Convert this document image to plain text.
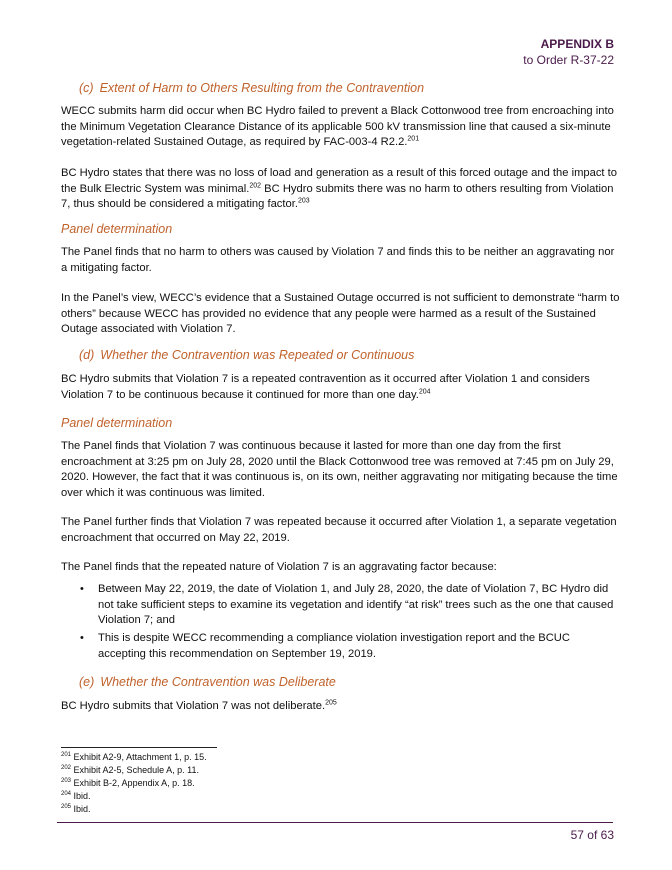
APPENDIX B
to Order R-37-22
(c) Extent of Harm to Others Resulting from the Contravention
WECC submits harm did occur when BC Hydro failed to prevent a Black Cottonwood tree from encroaching into the Minimum Vegetation Clearance Distance of its applicable 500 kV transmission line that caused a six-minute vegetation-related Sustained Outage, as required by FAC-003-4 R2.2.$^{201}$
BC Hydro states that there was no loss of load and generation as a result of this forced outage and the impact to the Bulk Electric System was minimal.$^{202}$ BC Hydro submits there was no harm to others resulting from Violation 7, thus should be considered a mitigating factor.$^{203}$
Panel determination
The Panel finds that no harm to others was caused by Violation 7 and finds this to be neither an aggravating nor a mitigating factor.
In the Panel’s view, WECC’s evidence that a Sustained Outage occurred is not sufficient to demonstrate “harm to others” because WECC has provided no evidence that any people were harmed as a result of the Sustained Outage associated with Violation 7.
(d) Whether the Contravention was Repeated or Continuous
BC Hydro submits that Violation 7 is a repeated contravention as it occurred after Violation 1 and considers Violation 7 to be continuous because it continued for more than one day.$^{204}$
Panel determination
The Panel finds that Violation 7 was continuous because it lasted for more than one day from the first encroachment at 3:25 pm on July 28, 2020 until the Black Cottonwood tree was removed at 7:45 pm on July 29, 2020. However, the fact that it was continuous is, on its own, neither aggravating nor mitigating because the time over which it was continuous was limited.
The Panel further finds that Violation 7 was repeated because it occurred after Violation 1, a separate vegetation encroachment that occurred on May 22, 2019.
The Panel finds that the repeated nature of Violation 7 is an aggravating factor because:
• Between May 22, 2019, the date of Violation 1, and July 28, 2020, the date of Violation 7, BC Hydro did not take sufficient steps to examine its vegetation and identify “at risk” trees such as the one that caused Violation 7; and
• This is despite WECC recommending a compliance violation investigation report and the BCUC accepting this recommendation on September 19, 2019.
(e) Whether the Contravention was Deliberate
BC Hydro submits that Violation 7 was not deliberate.$^{205}$
$^{201}$ Exhibit A2-9, Attachment 1, p. 15.
$^{202}$ Exhibit A2-5, Schedule A, p. 11.
$^{203}$ Exhibit B-2, Appendix A, p. 18.
$^{204}$ Ibid.
$^{205}$ Ibid.
57 of 63
